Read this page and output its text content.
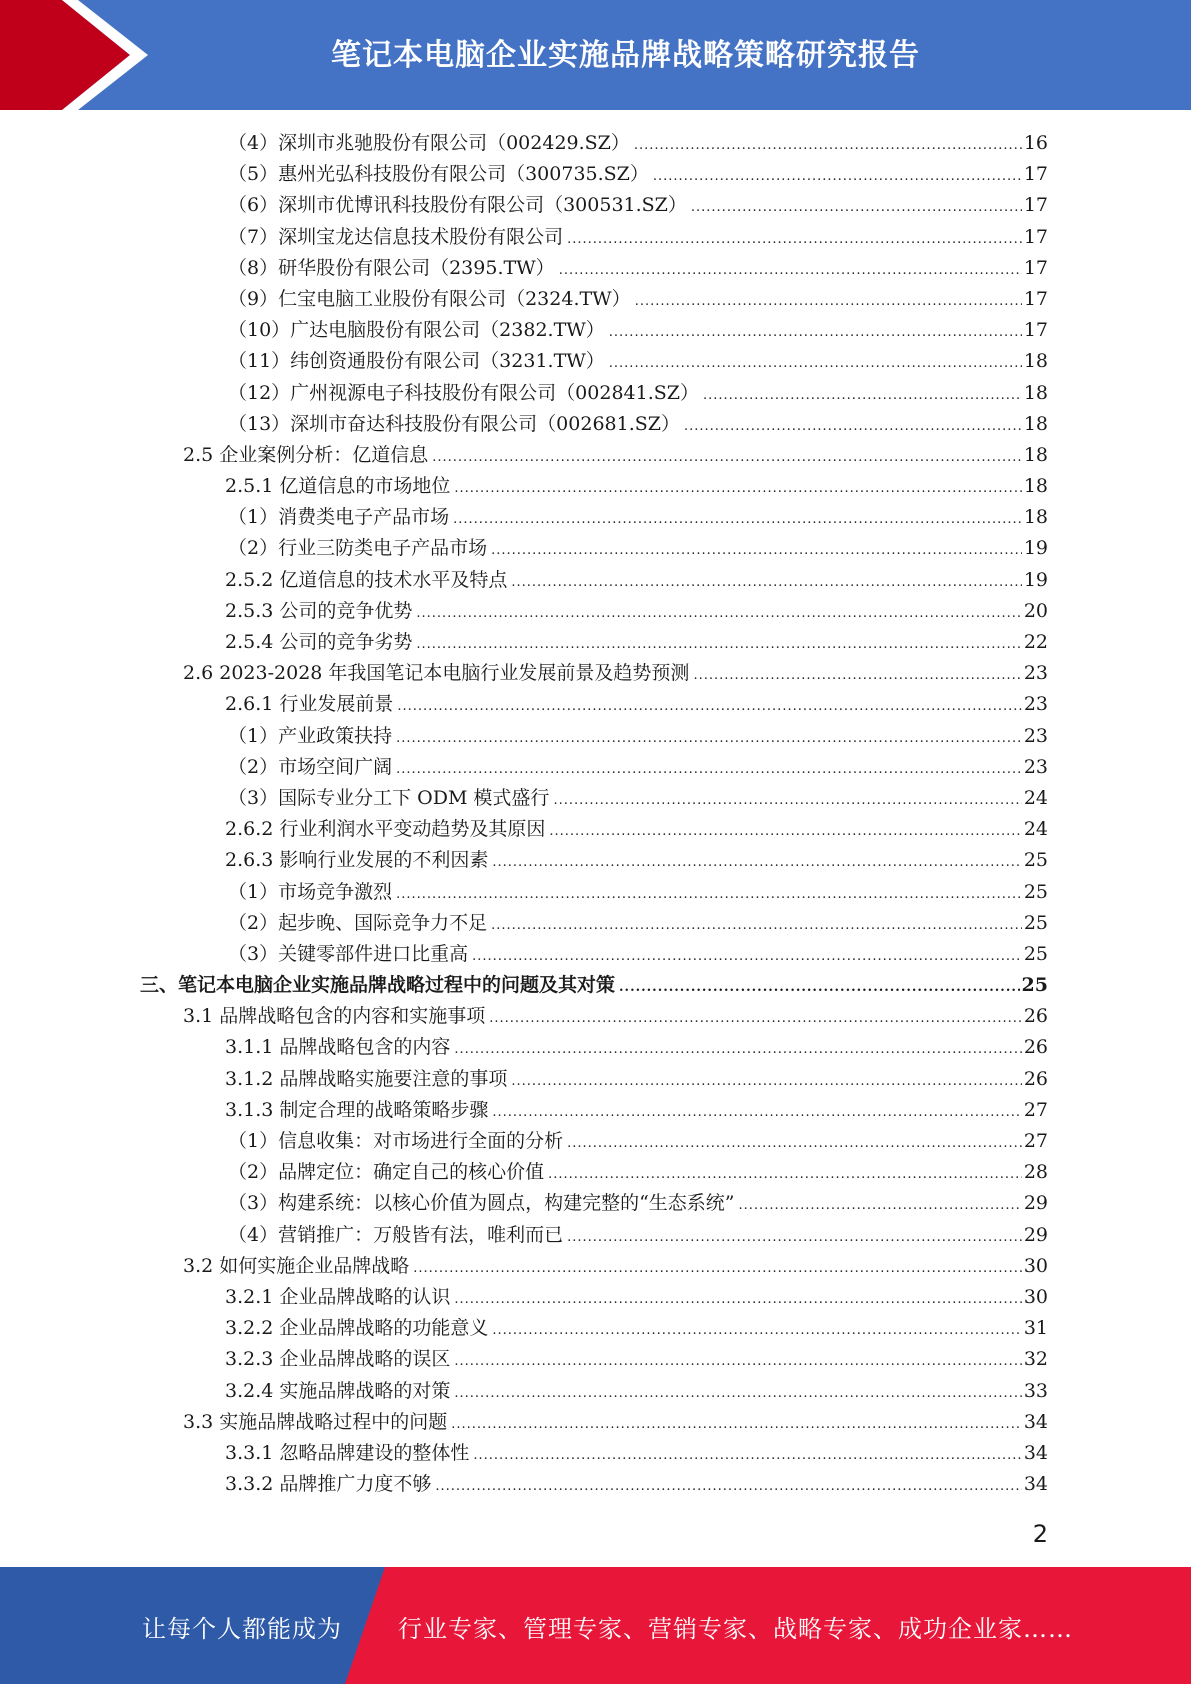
笔记本电脑企业实施品牌战略策略研究报告
（4）深圳市兆驰股份有限公司（002429.SZ） .....	16
（5）惠州光弘科技股份有限公司（300735.SZ） .....	17
（6）深圳市优博讯科技股份有限公司（300531.SZ） .....	17
（7）深圳宝龙达信息技术股份有限公司 .....	17
（8）研华股份有限公司（2395.TW） .....	17
（9）仁宝电脑工业股份有限公司（2324.TW） .....	17
（10）广达电脑股份有限公司（2382.TW） .....	17
（11）纬创资通股份有限公司（3231.TW） .....	18
（12）广州视源电子科技股份有限公司（002841.SZ） .....	18
（13）深圳市奋达科技股份有限公司（002681.SZ） .....	18
2.5 企业案例分析：亿道信息 .....	18
2.5.1 亿道信息的市场地位 .....	18
（1）消费类电子产品市场 .....	18
（2）行业三防类电子产品市场 .....	19
2.5.2 亿道信息的技术水平及特点 .....	19
2.5.3 公司的竞争优势 .....	20
2.5.4 公司的竞争劣势 .....	22
2.6 2023-2028 年我国笔记本电脑行业发展前景及趋势预测 .....	23
2.6.1 行业发展前景 .....	23
（1）产业政策扶持 .....	23
（2）市场空间广阔 .....	23
（3）国际专业分工下 ODM 模式盛行 .....	24
2.6.2 行业利润水平变动趋势及其原因 .....	24
2.6.3 影响行业发展的不利因素 .....	25
（1）市场竞争激烈 .....	25
（2）起步晚、国际竞争力不足 .....	25
（3）关键零部件进口比重高 .....	25
三、笔记本电脑企业实施品牌战略过程中的问题及其对策 .....	25
3.1 品牌战略包含的内容和实施事项 .....	26
3.1.1 品牌战略包含的内容 .....	26
3.1.2 品牌战略实施要注意的事项 .....	26
3.1.3 制定合理的战略策略步骤 .....	27
（1）信息收集：对市场进行全面的分析 .....	27
（2）品牌定位：确定自己的核心价值 .....	28
（3）构建系统：以核心价值为圆点，构建完整的“生态系统” .....	29
（4）营销推广：万般皆有法，唯利而已 .....	29
3.2 如何实施企业品牌战略 .....	30
3.2.1 企业品牌战略的认识 .....	30
3.2.2 企业品牌战略的功能意义 .....	31
3.2.3 企业品牌战略的误区 .....	32
3.2.4 实施品牌战略的对策 .....	33
3.3 实施品牌战略过程中的问题 .....	34
3.3.1 忽略品牌建设的整体性 .....	34
3.3.2 品牌推广力度不够 .....	34
2
让每个人都能成为 行业专家、管理专家、营销专家、战略专家、成功企业家……
